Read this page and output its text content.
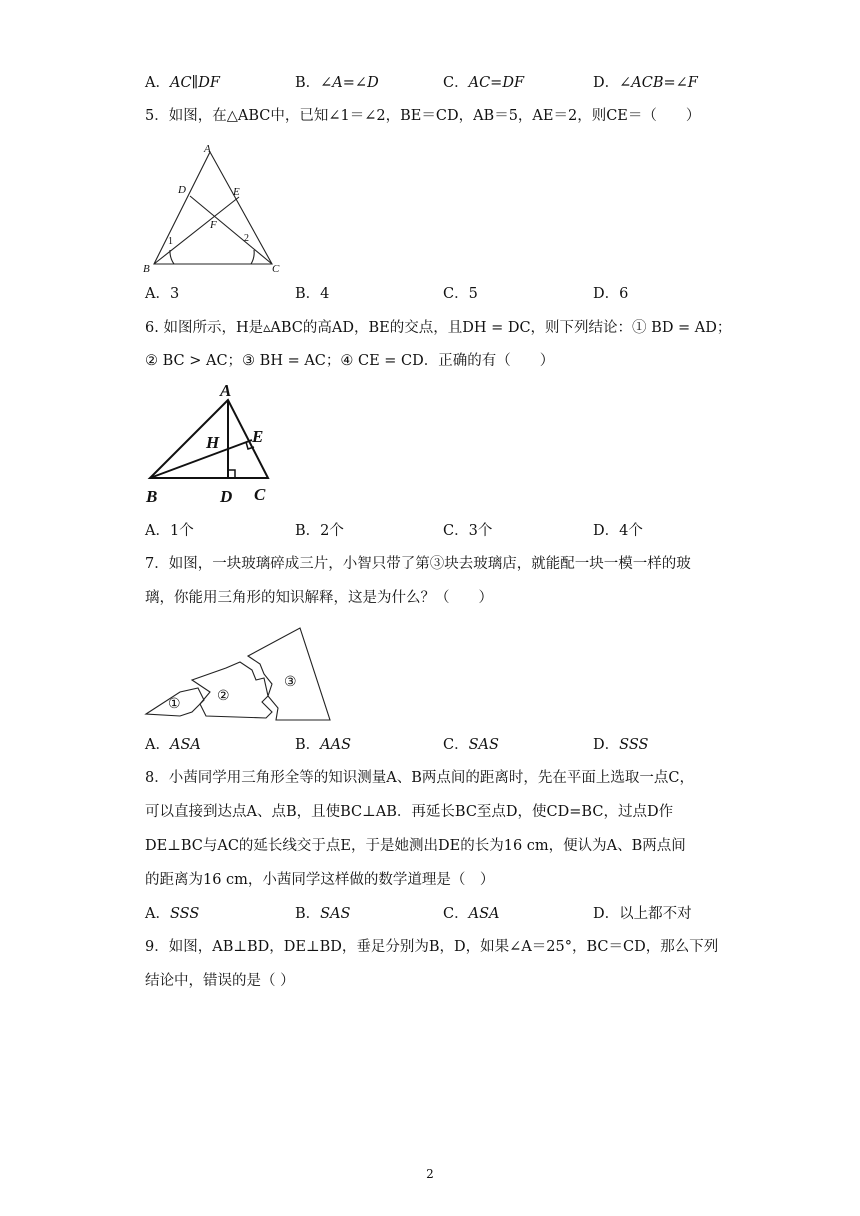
A．AC∥DF	B．∠A=∠D	C．AC=DF	D．∠ACB=∠F
5．如图，在△ABC中，已知∠1＝∠2，BE＝CD，AB＝5，AE＝2，则CE＝（　　）
A
D	E
F
B	C
1	2
A．3	B．4	C．5	D．6
6. 如图所示，H是▵ABC的高AD，BE的交点，且DH = DC，则下列结论：① BD = AD；
② BC > AC；③ BH = AC；④ CE = CD．正确的有（　　）
A
H E
B	D C
A．1个	B．2个	C．3个	D．4个
7．如图，一块玻璃碎成三片，小智只带了第③块去玻璃店，就能配一块一模一样的玻
璃，你能用三角形的知识解释，这是为什么？（　　）
①
②
③
A．ASA	B．AAS	C．SAS	D．SSS
8．小茜同学用三角形全等的知识测量A、B两点间的距离时，先在平面上选取一点C，
可以直接到达点A、点B，且使BC⊥AB．再延长BC至点D，使CD=BC，过点D作
DE⊥BC与AC的延长线交于点E，于是她测出DE的长为16 cm，便认为A、B两点间
的距离为16 cm，小茜同学这样做的数学道理是（　）
A．SSS	B．SAS	C．ASA	D．以上都不对
9．如图，AB⊥BD，DE⊥BD，垂足分别为B，D，如果∠A＝25°，BC＝CD，那么下列
结论中，错误的是（ ）
2
